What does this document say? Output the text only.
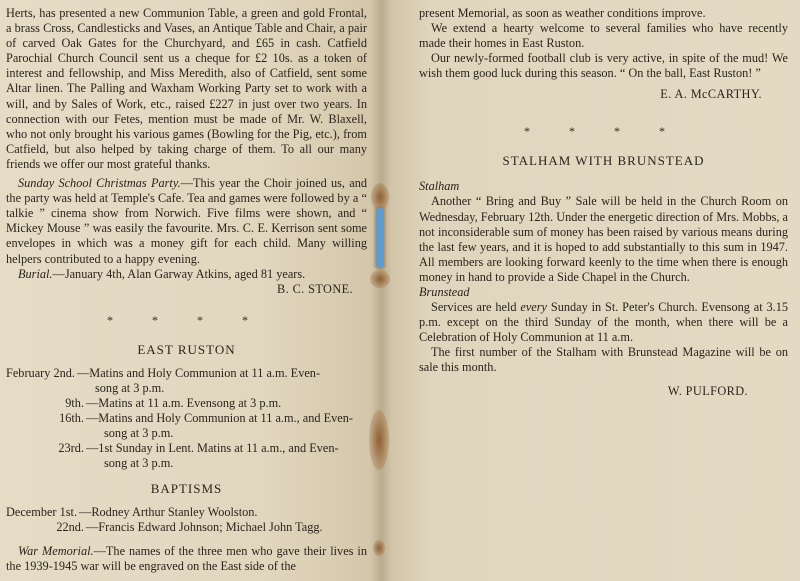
Herts, has presented a new Communion Table, a green and gold Frontal, a brass Cross, Candlesticks and Vases, an Antique Table and Chair, a pair of carved Oak Gates for the Churchyard, and £65 in cash. Catfield Parochial Church Council sent us a cheque for £2 10s. as a token of interest and fellowship, and Miss Meredith, also of Catfield, sent some Altar linen. The Palling and Waxham Working Party set to work with a will, and by Sales of Work, etc., raised £227 in just over two years. In connection with our Fetes, mention must be made of Mr. W. Blaxell, who not only brought his various games (Bowling for the Pig, etc.), from Catfield, but also helped by taking charge of them. To all our many friends we offer our most grateful thanks.

Sunday School Christmas Party.—This year the Choir joined us, and the party was held at Temple's Cafe. Tea and games were followed by a “ talkie ” cinema show from Norwich. Five films were shown, and “ Mickey Mouse ” was easily the favourite. Mrs. C. E. Kerrison sent some envelopes in which was a money gift for each child. Many willing helpers contributed to a happy evening.

Burial.—January 4th, Alan Garway Atkins, aged 81 years.

B. C. STONE.
* * * *
EAST RUSTON
February 2nd. —Matins and Holy Communion at 11 a.m. Even-
song at 3 p.m.
9th. —Matins at 11 a.m. Evensong at 3 p.m.
16th. —Matins and Holy Communion at 11 a.m., and Even-
song at 3 p.m.
23rd. —1st Sunday in Lent. Matins at 11 a.m., and Even-
song at 3 p.m.
BAPTISMS
December 1st. —Rodney Arthur Stanley Woolston.
22nd. —Francis Edward Johnson; Michael John Tagg.

War Memorial.—The names of the three men who gave their lives in the 1939-1945 war will be engraved on the East side of the

present Memorial, as soon as weather conditions improve.

We extend a hearty welcome to several families who have recently made their homes in East Ruston.

Our newly-formed football club is very active, in spite of the mud! We wish them good luck during this season. “ On the ball, East Ruston! ”

E. A. McCARTHY.
* * * *
STALHAM WITH BRUNSTEAD
Stalham

Another “ Bring and Buy ” Sale will be held in the Church Room on Wednesday, February 12th. Under the energetic direction of Mrs. Mobbs, a not inconsiderable sum of money has been raised by various means during the last few years, and it is hoped to add substantially to this sum in 1947. All members are looking forward keenly to the time when there is enough money in hand to provide a Side Chapel in the Church.

Brunstead

Services are held every Sunday in St. Peter's Church. Evensong at 3.15 p.m. except on the third Sunday of the month, when there will be a Celebration of Holy Communion at 11 a.m.

The first number of the Stalham with Brunstead Magazine will be on sale this month.

W. PULFORD.
